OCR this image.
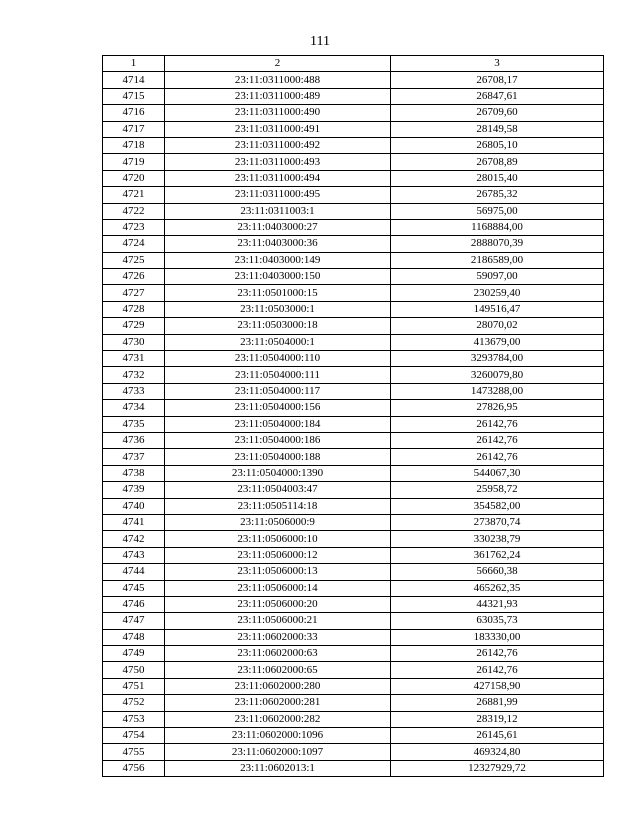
111
1	2	3
4714	23:11:0311000:488	26708,17
4715	23:11:0311000:489	26847,61
4716	23:11:0311000:490	26709,60
4717	23:11:0311000:491	28149,58
4718	23:11:0311000:492	26805,10
4719	23:11:0311000:493	26708,89
4720	23:11:0311000:494	28015,40
4721	23:11:0311000:495	26785,32
4722	23:11:0311003:1	56975,00
4723	23:11:0403000:27	1168884,00
4724	23:11:0403000:36	2888070,39
4725	23:11:0403000:149	2186589,00
4726	23:11:0403000:150	59097,00
4727	23:11:0501000:15	230259,40
4728	23:11:0503000:1	149516,47
4729	23:11:0503000:18	28070,02
4730	23:11:0504000:1	413679,00
4731	23:11:0504000:110	3293784,00
4732	23:11:0504000:111	3260079,80
4733	23:11:0504000:117	1473288,00
4734	23:11:0504000:156	27826,95
4735	23:11:0504000:184	26142,76
4736	23:11:0504000:186	26142,76
4737	23:11:0504000:188	26142,76
4738	23:11:0504000:1390	544067,30
4739	23:11:0504003:47	25958,72
4740	23:11:0505114:18	354582,00
4741	23:11:0506000:9	273870,74
4742	23:11:0506000:10	330238,79
4743	23:11:0506000:12	361762,24
4744	23:11:0506000:13	56660,38
4745	23:11:0506000:14	465262,35
4746	23:11:0506000:20	44321,93
4747	23:11:0506000:21	63035,73
4748	23:11:0602000:33	183330,00
4749	23:11:0602000:63	26142,76
4750	23:11:0602000:65	26142,76
4751	23:11:0602000:280	427158,90
4752	23:11:0602000:281	26881,99
4753	23:11:0602000:282	28319,12
4754	23:11:0602000:1096	26145,61
4755	23:11:0602000:1097	469324,80
4756	23:11:0602013:1	12327929,72
